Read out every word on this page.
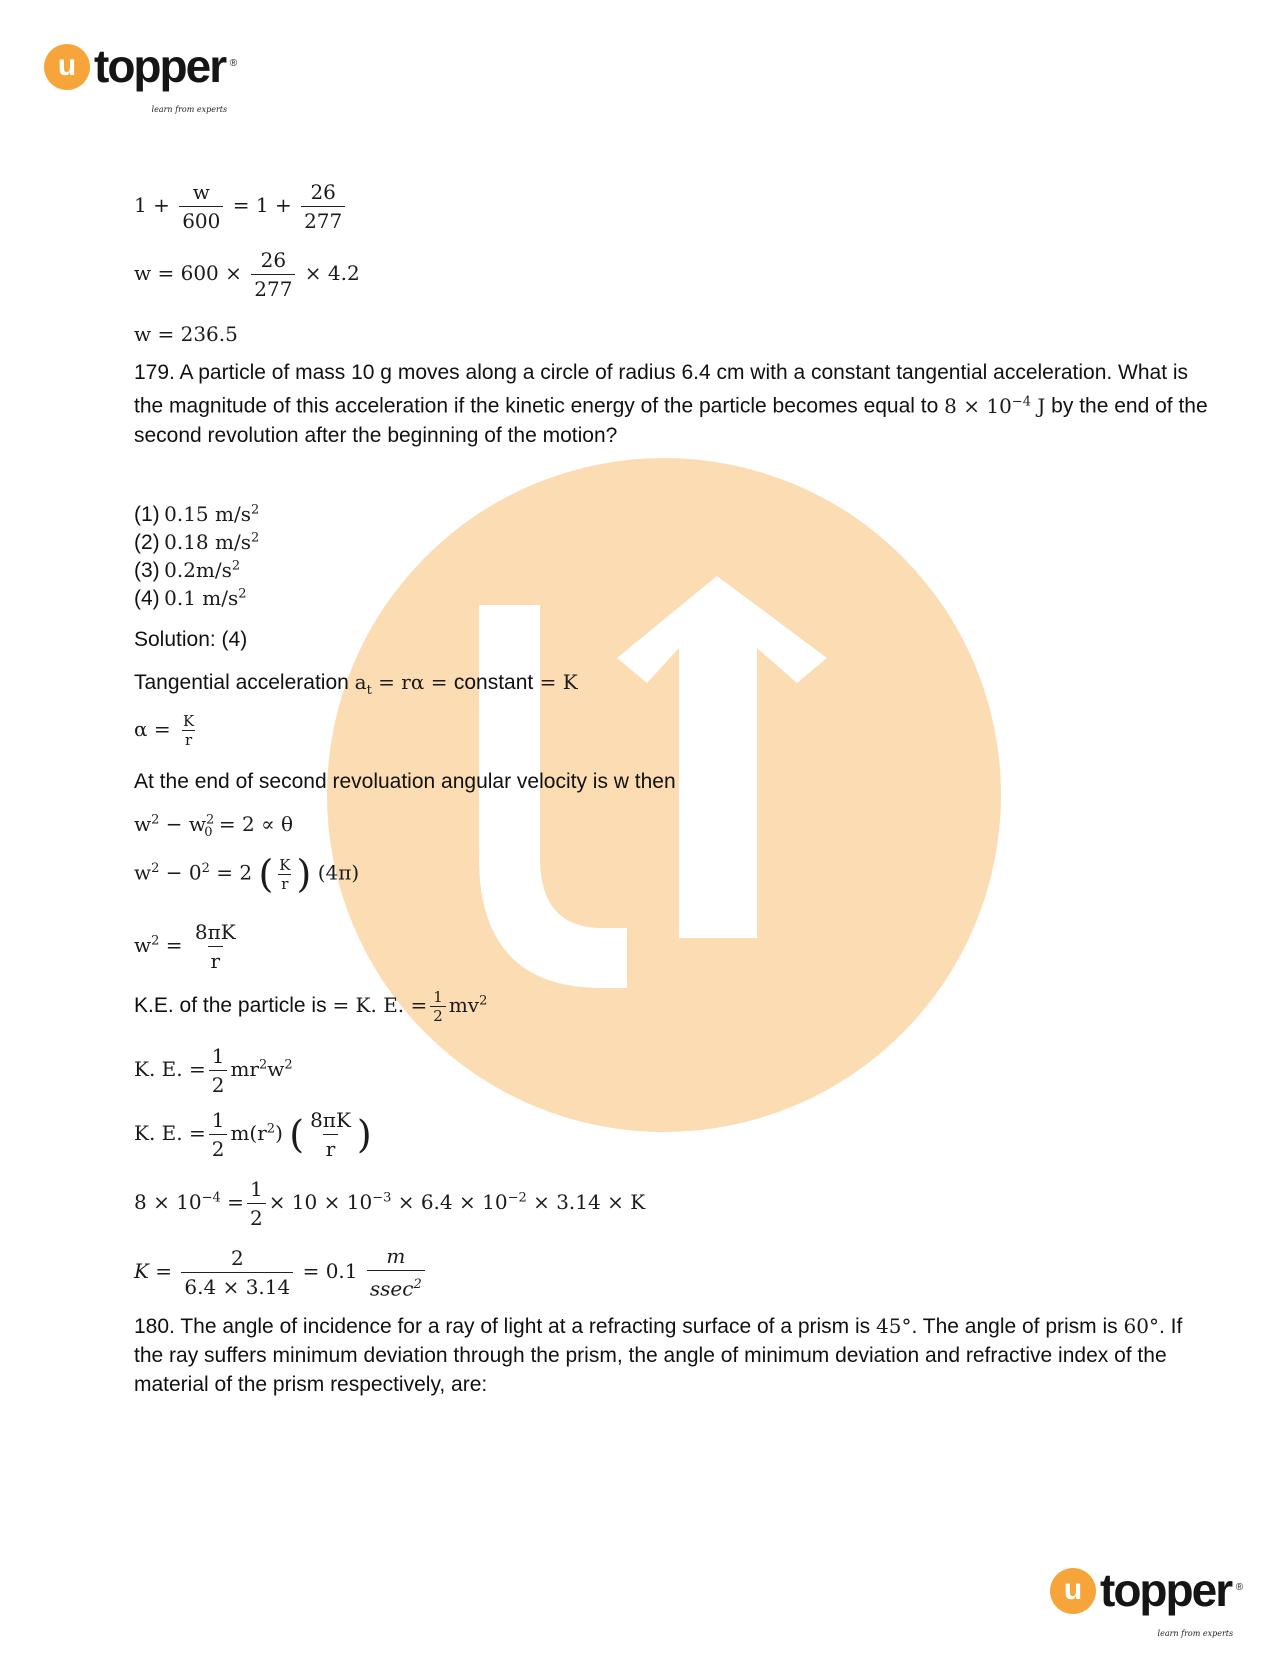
u topper ®
learn from experts
$1 + \frac{w}{600} = 1 + \frac{26}{277}$
$w = 600 \times \frac{26}{277} \times 4.2$
w = 236.5
179. A particle of mass 10 g moves along a circle of radius 6.4 cm with a constant tangential acceleration. What is the magnitude of this acceleration if the kinetic energy of the particle becomes equal to $8 \times 10^{-4}$ J by the end of the second revolution after the beginning of the motion?
(1) 0.15 $m/s^2$
(2) 0.18 $m/s^2$
(3) $0.2m/s^2$
(4) 0.1 $m/s^2$
Solution: (4)
Tangential acceleration $a_t = r\alpha$ = constant = K
$\alpha = \frac{K}{r}$
At the end of second revoluation angular velocity is w then
$w^2 - w^2_0 = 2 \propto \theta$
$w^2 - 0^2 = 2$ ( $\frac{K}{r}$ ) (4π)
$w^2 = \frac{8\pi K}{r}$
K.E. of the particle is = K. E. = $\frac{1}{2} mv^2$
K. E. = $\frac{1}{2} mr^2w^2$
K. E. = $\frac{1}{2} m(r^2)$ ( $\frac{8\pi K}{r}$ )
$8 \times 10^{-4} = \frac{1}{2} \times 10 \times 10^{-3} \times 6.4 \times 10^{-2} \times 3.14 \times K$
$K = \frac{2}{6.4 \times 3.14} = 0.1 \frac{m}{ssec^2}$
180. The angle of incidence for a ray of light at a refracting surface of a prism is 45°. The angle of prism is 60°. If the ray suffers minimum deviation through the prism, the angle of minimum deviation and refractive index of the material of the prism respectively, are:
u topper ®
learn from experts
